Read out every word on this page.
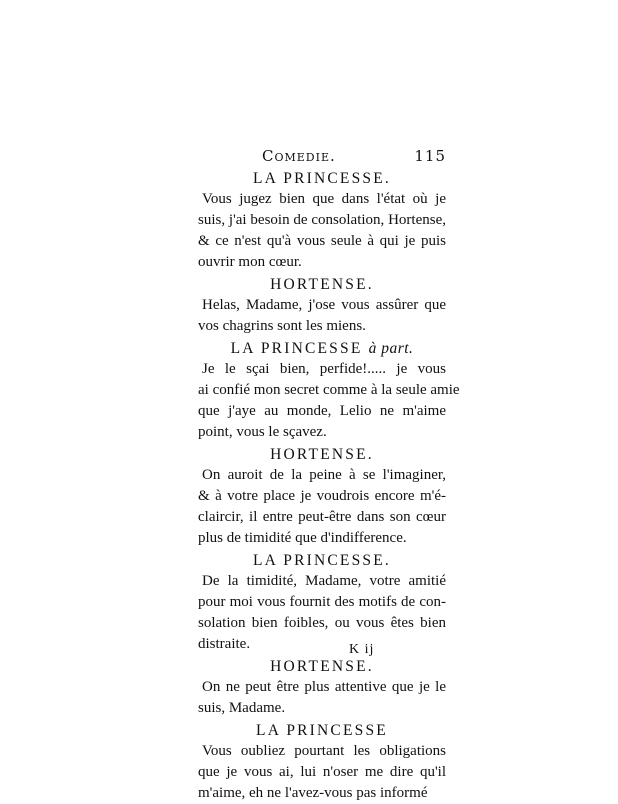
Comedie.	115
LA PRINCESSE.
Vous jugez bien que dans l'état où je
suis, j'ai besoin de consolation, Hortense,
& ce n'est qu'à vous seule à qui je puis
ouvrir mon cœur.
HORTENSE.
Helas, Madame, j'ose vous assûrer que
vos chagrins sont les miens.
LA PRINCESSE à part.
Je le sçai bien, perfide!..... je vous
ai confié mon secret comme à la seule amie
que j'aye au monde, Lelio ne m'aime
point, vous le sçavez.
HORTENSE.
On auroit de la peine à se l'imaginer,
& à votre place je voudrois encore m'é-
claircir, il entre peut-être dans son cœur
plus de timidité que d'indifference.
LA PRINCESSE.
De la timidité, Madame, votre amitié
pour moi vous fournit des motifs de con-
solation bien foibles, ou vous êtes bien
distraite.
HORTENSE.
On ne peut être plus attentive que je le
suis, Madame.
LA PRINCESSE
Vous oubliez pourtant les obligations
que je vous ai, lui n'oser me dire qu'il
m'aime, eh ne l'avez-vous pas informé
K ij
